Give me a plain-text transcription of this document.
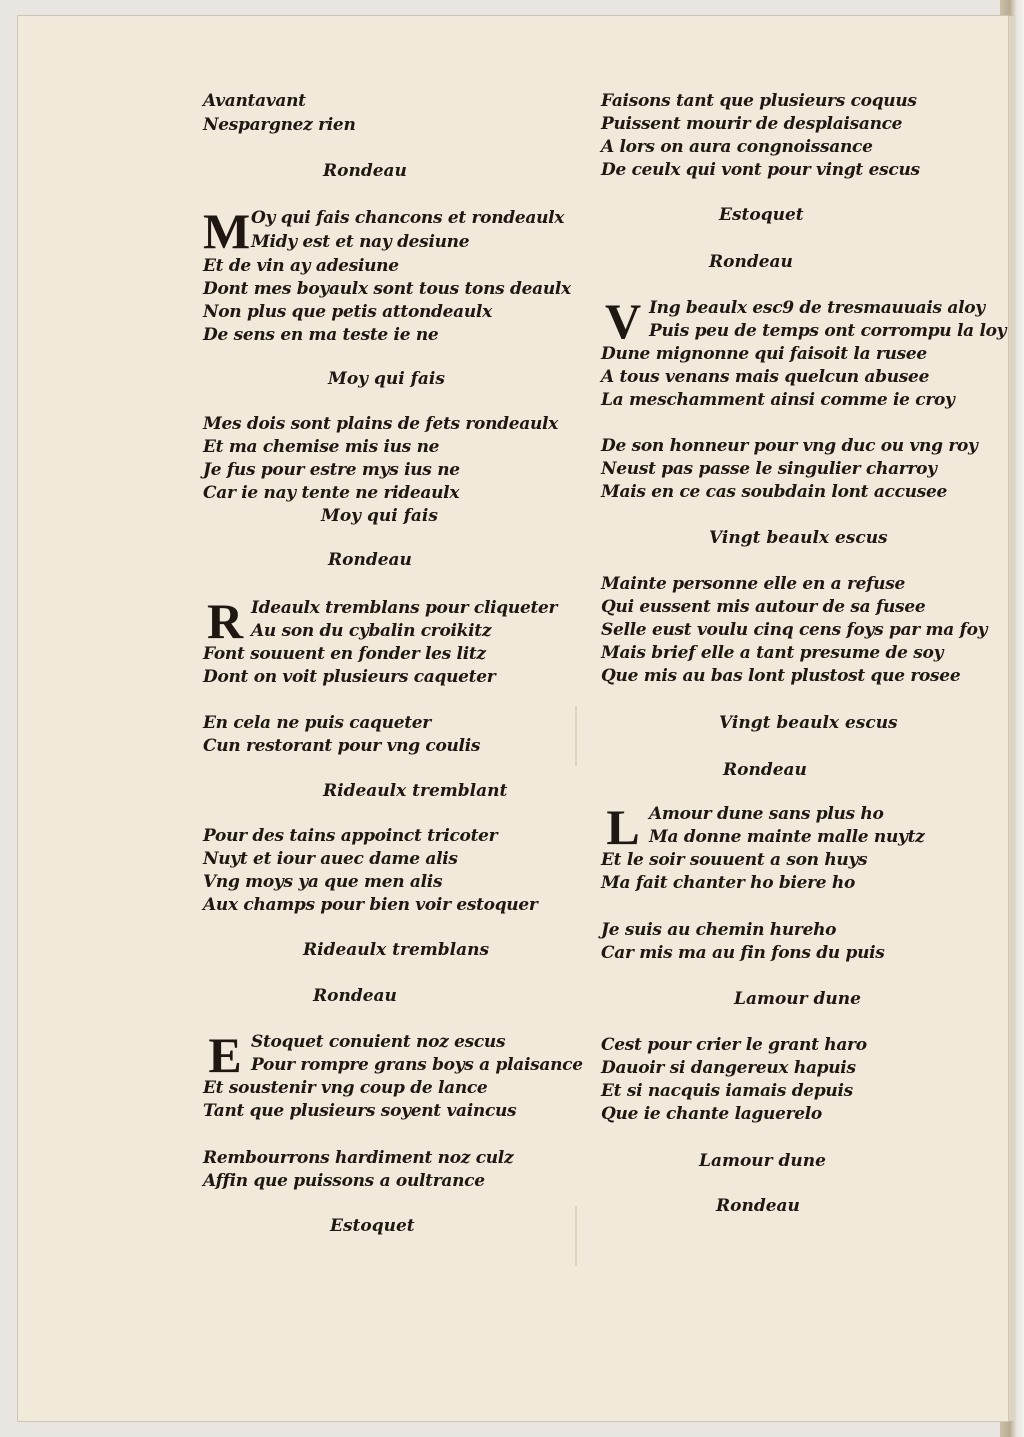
Avantavant
Nespargnez rien
Rondeau
M Oy qui fais chancons et rondeaulx
Midy est et nay desiune
Et de vin ay adesiune
Dont mes boyaulx sont tous tons deaulx
Non plus que petis attondeaulx
De sens en ma teste ie ne
Moy qui fais
Mes dois sont plains de fets rondeaulx
Et ma chemise mis ius ne
Je fus pour estre mys ius ne
Car ie nay tente ne rideaulx
Moy qui fais
Rondeau
R Ideaulx tremblans pour cliqueter
Au son du cybalin croikitz
Font souuent en fonder les litz
Dont on voit plusieurs caqueter
En cela ne puis caqueter
Cun restorant pour vng coulis
Rideaulx tremblant
Pour des tains appoinct tricoter
Nuyt et iour auec dame alis
Vng moys ya que men alis
Aux champs pour bien voir estoquer
Rideaulx tremblans
Rondeau
E Stoquet conuient noz escus
Pour rompre grans boys a plaisance
Et soustenir vng coup de lance
Tant que plusieurs soyent vaincus
Rembourrons hardiment noz culz
Affin que puissons a oultrance
Estoquet
Faisons tant que plusieurs coquus
Puissent mourir de desplaisance
A lors on aura congnoissance
De ceulx qui vont pour vingt escus
Estoquet
Rondeau
V Ing beaulx esc9 de tresmauuais aloy
Puis peu de temps ont corrompu la loy
Dune mignonne qui faisoit la rusee
A tous venans mais quelcun abusee
La meschamment ainsi comme ie croy
De son honneur pour vng duc ou vng roy
Neust pas passe le singulier charroy
Mais en ce cas soubdain lont accusee
Vingt beaulx escus
Mainte personne elle en a refuse
Qui eussent mis autour de sa fusee
Selle eust voulu cinq cens foys par ma foy
Mais brief elle a tant presume de soy
Que mis au bas lont plustost que rosee
Vingt beaulx escus
Rondeau
L Amour dune sans plus ho
Ma donne mainte malle nuytz
Et le soir souuent a son huys
Ma fait chanter ho biere ho
Je suis au chemin hureho
Car mis ma au fin fons du puis
Lamour dune
Cest pour crier le grant haro
Dauoir si dangereux hapuis
Et si nacquis iamais depuis
Que ie chante laguerelo
Lamour dune
Rondeau
